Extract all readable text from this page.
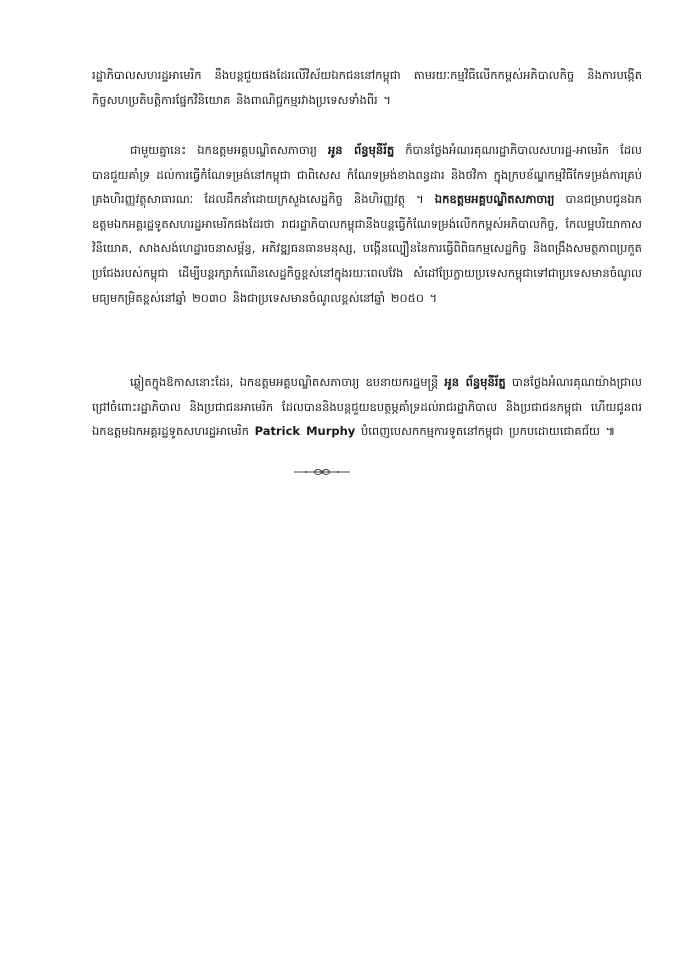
រដ្ឋាភិបាលសហរដ្ឋអាមេរិក នឹងបន្តជួយផងដែរលើវិស័យឯកជននៅកម្ពុជា តាមរយៈកម្មវិធីលើកកម្ពស់អភិបាលកិច្ច និងការបង្កើតកិច្ចសហប្រតិបត្តិការផ្នែកវិនិយោគ និងពាណិជ្ជកម្មរវាងប្រទេសទាំងពីរ ។

ជាមួយគ្នានេះ ឯកឧត្តមអគ្គបណ្ឌិតសភាចារ្យ អូន ព័ន្ធមុនីរ័ត្ន ក៏បានថ្លែងអំណរគុណរដ្ឋាភិបាលសហរដ្ឋ-អាមេរិក ដែលបានជួយគាំទ្រ ដល់ការធ្វើកំណែទម្រង់នៅកម្ពុជា ជាពិសេស កំណែទម្រង់ខាងពន្ធដារ និងថវិកា ក្នុងក្របខ័ណ្ឌកម្មវិធីកែទម្រង់ការគ្រប់គ្រងហិរញ្ញវត្ថុសាធារណៈ ដែលដឹកនាំដោយក្រសួងសេដ្ឋកិច្ច និងហិរញ្ញវត្ថុ ។ ឯកឧត្តមអគ្គបណ្ឌិតសភាចារ្យ បានជម្រាបជូនឯកឧត្តមឯកអគ្គរដ្ឋទូតសហរដ្ឋអាមេរិកផងដែរថា រាជរដ្ឋាភិបាលកម្ពុជានឹងបន្តធ្វើកំណែទម្រង់លើកកម្ពស់អភិបាលកិច្ច, កែលម្អបរិយាកាសវិនិយោគ, សាងសង់ហេដ្ឋារចនាសម្ព័ន្ធ, អភិវឌ្ឍធនធានមនុស្ស, បង្កើនល្បឿននៃការធ្វើពិពិធកម្មសេដ្ឋកិច្ច និងពង្រឹងសមត្ថភាពប្រកួតប្រជែងរបស់កម្ពុជា ដើម្បីបន្តរក្សាកំណើនសេដ្ឋកិច្ចខ្ពស់នៅក្នុងរយៈពេលវែង សំដៅប្រែក្លាយប្រទេសកម្ពុជាទៅជាប្រទេសមានចំណូលមធ្យមកម្រិតខ្ពស់នៅឆ្នាំ ២០៣០ និងជាប្រទេសមានចំណូលខ្ពស់នៅឆ្នាំ ២០៥០ ។

ឆ្លៀតក្នុងឱកាសនោះដែរ, ឯកឧត្តមអគ្គបណ្ឌិតសភាចារ្យ ឧបនាយករដ្ឋមន្ត្រី អូន ព័ន្ធមុនីរ័ត្ន បានថ្លែងអំណរគុណយ៉ាងជ្រាលជ្រៅចំពោះរដ្ឋាភិបាល និងប្រជាជនអាមេរិក ដែលបាននិងបន្តជួយឧបត្ថម្ភគាំទ្រដល់រាជរដ្ឋាភិបាល និងប្រជាជនកម្ពុជា ហើយជូនពរឯកឧត្តមឯកអគ្គរដ្ឋទូតសហរដ្ឋអាមេរិក Patrick Murphy បំពេញបេសកកម្មការទូតនៅកម្ពុជា ប្រកបដោយជោគជ័យ ៕
